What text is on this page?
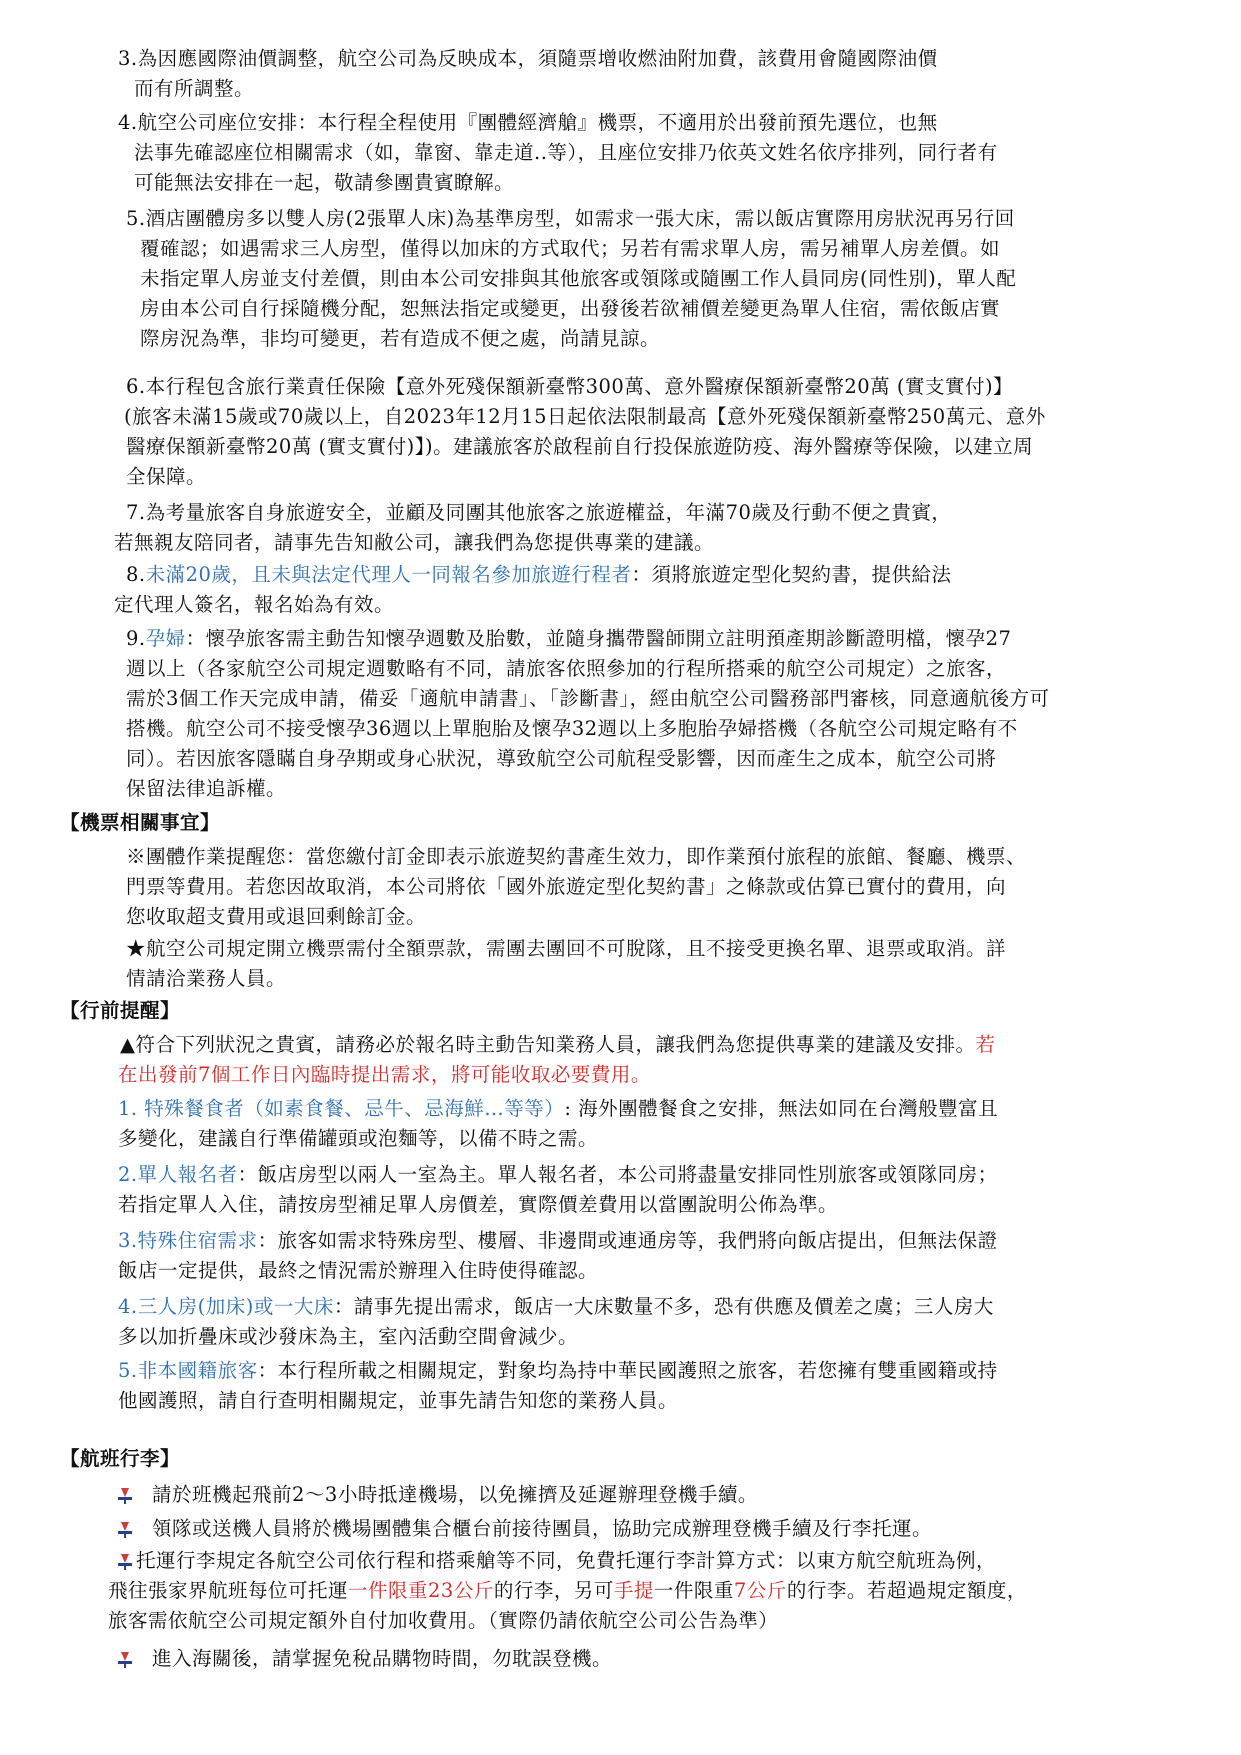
3.為因應國際油價調整，航空公司為反映成本，須隨票增收燃油附加費，該費用會隨國際油價
而有所調整。
4.航空公司座位安排：本行程全程使用『團體經濟艙』機票，不適用於出發前預先選位，也無
法事先確認座位相關需求（如，靠窗、靠走道..等），且座位安排乃依英文姓名依序排列，同行者有
可能無法安排在一起，敬請參團貴賓瞭解。
5.酒店團體房多以雙人房(2張單人床)為基準房型，如需求一張大床，需以飯店實際用房狀況再另行回
覆確認；如遇需求三人房型，僅得以加床的方式取代；另若有需求單人房，需另補單人房差價。如
未指定單人房並支付差價，則由本公司安排與其他旅客或領隊或隨團工作人員同房(同性別)，單人配
房由本公司自行採隨機分配，恕無法指定或變更，出發後若欲補價差變更為單人住宿，需依飯店實
際房況為準，非均可變更，若有造成不便之處，尚請見諒。
6.本行程包含旅行業責任保險【意外死殘保額新臺幣300萬、意外醫療保額新臺幣20萬 (實支實付)】
(旅客未滿15歲或70歲以上，自2023年12月15日起依法限制最高【意外死殘保額新臺幣250萬元、意外
醫療保額新臺幣20萬 (實支實付)】)。建議旅客於啟程前自行投保旅遊防疫、海外醫療等保險，以建立周
全保障。
7.為考量旅客自身旅遊安全，並顧及同團其他旅客之旅遊權益，年滿70歲及行動不便之貴賓，
若無親友陪同者，請事先告知敝公司，讓我們為您提供專業的建議。
8.未滿20歲，且未與法定代理人一同報名參加旅遊行程者：須將旅遊定型化契約書，提供給法
定代理人簽名，報名始為有效。
9.孕婦：懷孕旅客需主動告知懷孕週數及胎數，並隨身攜帶醫師開立註明預產期診斷證明檔，懷孕27
週以上（各家航空公司規定週數略有不同，請旅客依照參加的行程所搭乘的航空公司規定）之旅客，
需於3個工作天完成申請，備妥「適航申請書」、「診斷書」，經由航空公司醫務部門審核，同意適航後方可
搭機。航空公司不接受懷孕36週以上單胞胎及懷孕32週以上多胞胎孕婦搭機（各航空公司規定略有不
同）。若因旅客隱瞞自身孕期或身心狀況，導致航空公司航程受影響，因而產生之成本，航空公司將
保留法律追訴權。
【機票相關事宜】
※團體作業提醒您：當您繳付訂金即表示旅遊契約書產生效力，即作業預付旅程的旅館、餐廳、機票、
門票等費用。若您因故取消，本公司將依「國外旅遊定型化契約書」之條款或估算已實付的費用，向
您收取超支費用或退回剩餘訂金。
★航空公司規定開立機票需付全額票款，需團去團回不可脫隊，且不接受更換名單、退票或取消。詳
情請洽業務人員。
【行前提醒】
▲符合下列狀況之貴賓，請務必於報名時主動告知業務人員，讓我們為您提供專業的建議及安排。若
在出發前7個工作日內臨時提出需求，將可能收取必要費用。
1. 特殊餐食者（如素食餐、忌牛、忌海鮮…等等）: 海外團體餐食之安排，無法如同在台灣般豐富且
多變化，建議自行準備罐頭或泡麵等，以備不時之需。
2.單人報名者：飯店房型以兩人一室為主。單人報名者，本公司將盡量安排同性別旅客或領隊同房；
若指定單人入住，請按房型補足單人房價差，實際價差費用以當團說明公佈為準。
3.特殊住宿需求：旅客如需求特殊房型、樓層、非邊間或連通房等，我們將向飯店提出，但無法保證
飯店一定提供，最終之情況需於辦理入住時使得確認。
4.三人房(加床)或一大床：請事先提出需求，飯店一大床數量不多，恐有供應及價差之虞；三人房大
多以加折疊床或沙發床為主，室內活動空間會減少。
5.非本國籍旅客：本行程所載之相關規定，對象均為持中華民國護照之旅客，若您擁有雙重國籍或持
他國護照，請自行查明相關規定，並事先請告知您的業務人員。
【航班行李】
請於班機起飛前2～3小時抵達機場，以免擁擠及延遲辦理登機手續。
領隊或送機人員將於機場團體集合櫃台前接待團員，協助完成辦理登機手續及行李托運。
托運行李規定各航空公司依行程和搭乘艙等不同，免費托運行李計算方式：以東方航空航班為例，
飛往張家界航班每位可托運一件限重23公斤的行李，另可手提一件限重7公斤的行李。若超過規定額度，
旅客需依航空公司規定額外自付加收費用。（實際仍請依航空公司公告為準）
進入海關後，請掌握免稅品購物時間，勿耽誤登機。
